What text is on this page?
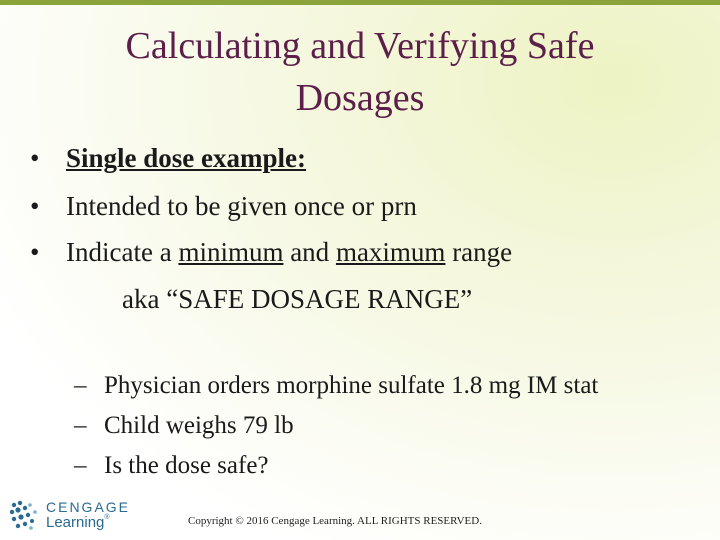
Calculating and Verifying Safe
Dosages
• Single dose example:
• Intended to be given once or prn
• Indicate a minimum and maximum range
aka “SAFE DOSAGE RANGE”
– Physician orders morphine sulfate 1.8 mg IM stat
– Child weighs 79 lb
– Is the dose safe?
CENGAGE
Learning®	Copyright © 2016 Cengage Learning. ALL RIGHTS RESERVED.
